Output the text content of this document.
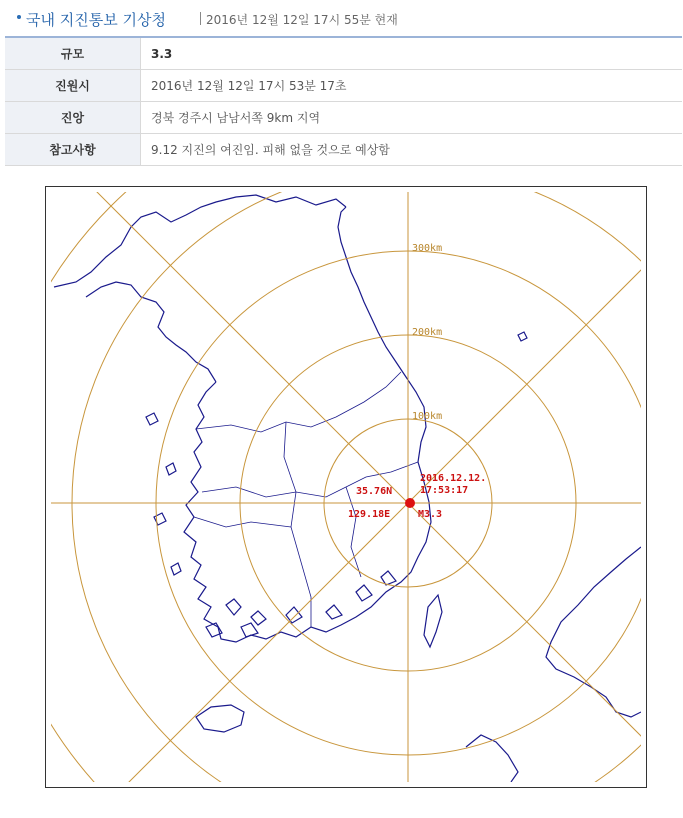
국내 지진통보 기상청	2016년 12월 12일 17시 55분 현재
규모	3.3
진원시	2016년 12월 12일 17시 53분 17초
진앙	경북 경주시 남남서쪽 9km 지역
참고사항	9.12 지진의 여진임. 피해 없을 것으로 예상함
100km
200km
300km
35.76N
129.18E
2016.12.12.
17:53:17
M3.3
